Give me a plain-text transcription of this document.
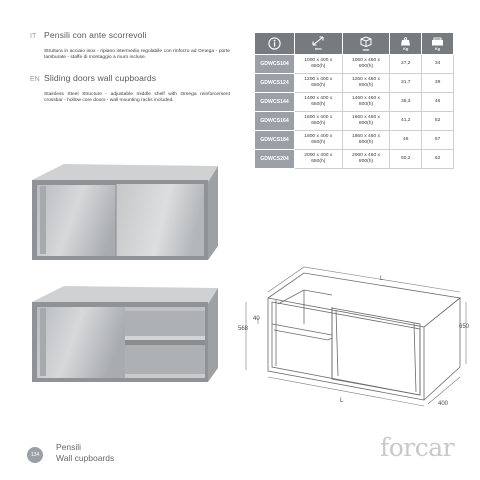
IT Pensili con ante scorrevoli

Struttura in acciaio inox - ripiano intermedio regolabile con rinforzo ad Omega - porte tamburate - staffe di montaggio a muro incluse.

EN Sliding doors wall cupboards

Stainless Steel Structure - adjustable middle shelf with Omega reinforcement crossbar - hollow core doors - wall mounting racks included.

mm	mm	Kg	Kg

GDWCS104	1000 x 400 x 650(h)	1060 x 460 x 800(h)	27,2	34
GDWCS124	1200 x 400 x 650(h)	1260 x 460 x 800(h)	31,7	39
GDWCS144	1400 x 400 x 650(h)	1460 x 460 x 800(h)	36,3	46
GDWCS164	1600 x 400 x 650(h)	1660 x 460 x 800(h)	41,2	52
GDWCS184	1800 x 400 x 650(h)	1860 x 460 x 800(h)	46	57
GDWCS204	2000 x 400 x 650(h)	2060 x 460 x 800(h)	50,2	62
L
L
650
568
40
400
134
Pensili
Wall cupboards	forcar
